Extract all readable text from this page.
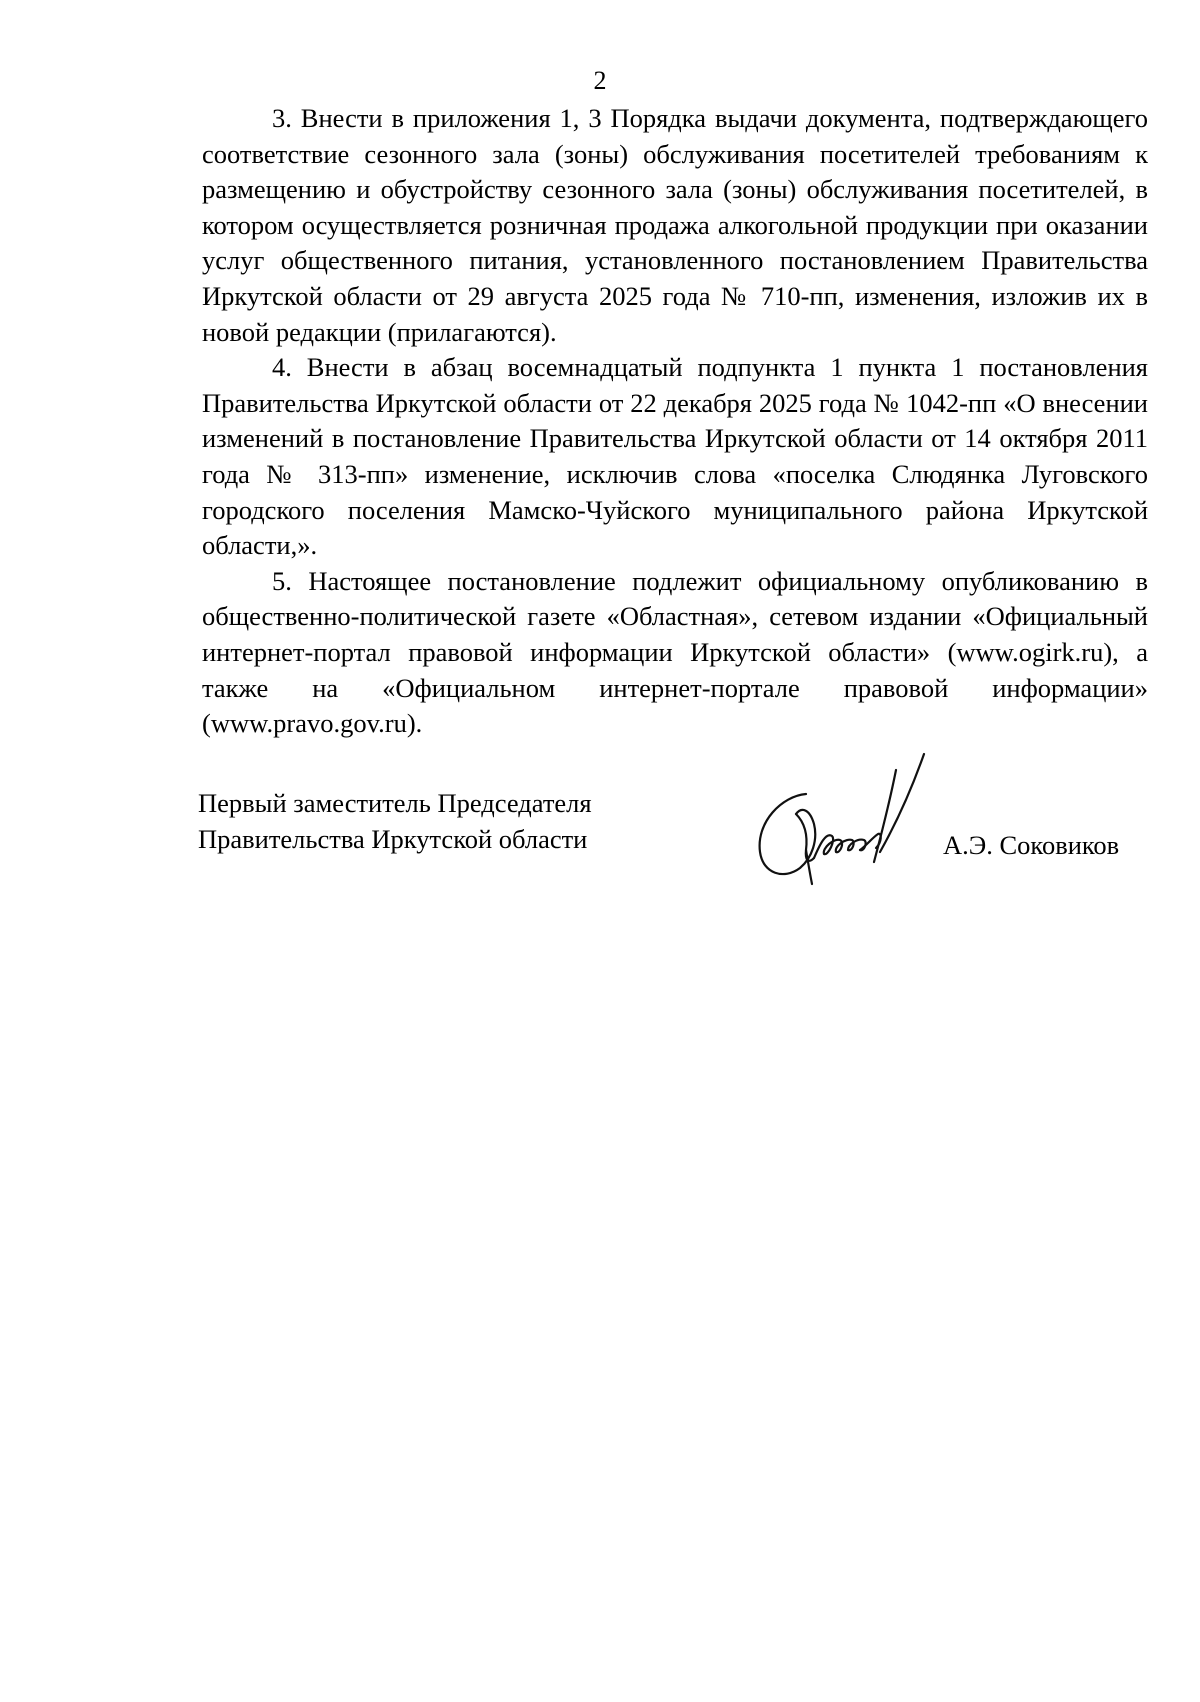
2

3. Внести в приложения 1, 3 Порядка выдачи документа, подтверждающего соответствие сезонного зала (зоны) обслуживания посетителей требованиям к размещению и обустройству сезонного зала (зоны) обслуживания посетителей, в котором осуществляется розничная продажа алкогольной продукции при оказании услуг общественного питания, установленного постановлением Правительства Иркутской области от 29 августа 2025 года № 710-пп, изменения, изложив их в новой редакции (прилагаются).

4. Внести в абзац восемнадцатый подпункта 1 пункта 1 постановления Правительства Иркутской области от 22 декабря 2025 года № 1042-пп «О внесении изменений в постановление Правительства Иркутской области от 14 октября 2011 года № 313-пп» изменение, исключив слова «поселка Слюдянка Луговского городского поселения Мамско-Чуйского муниципального района Иркутской области,».

5. Настоящее постановление подлежит официальному опубликованию в общественно-политической газете «Областная», сетевом издании «Официальный интернет-портал правовой информации Иркутской области» (www.ogirk.ru), а также на «Официальном интернет-портале правовой информации» (www.pravo.gov.ru).

Первый заместитель Председателя
Правительства Иркутской области	А.Э. Соковиков
